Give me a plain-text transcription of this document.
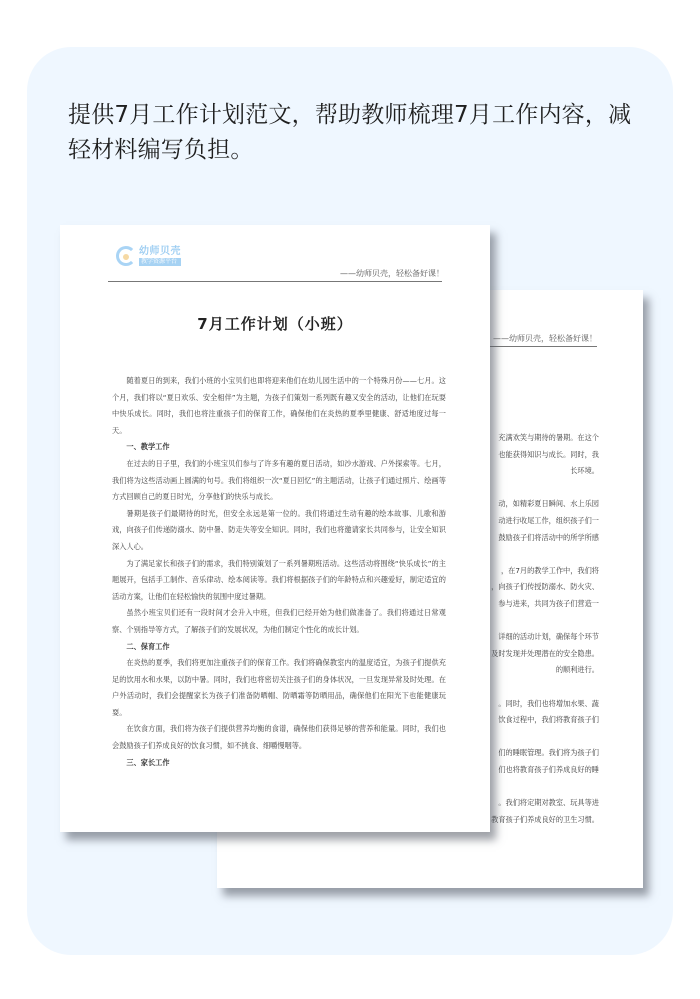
提供7月工作计划范文，帮助教师梳理7月工作内容，减轻材料编写负担。
——幼师贝壳，轻松备好课！

充满欢笑与期待的暑期。在这个

也能获得知识与成长。同时，我

长环境。

动，如精彩夏日瞬间、水上乐园

动进行收尾工作，组织孩子们一

鼓励孩子们将活动中的所学所感

，在7月的教学工作中，我们将

，向孩子们传授防溺水、防火灾、

参与进来，共同为孩子们营造一

详细的活动计划，确保每个环节

及时发现并处理潜在的安全隐患。

的顺利进行。

。同时，我们也将增加水果、蔬

饮食过程中，我们将教育孩子们

们的睡眠管理。我们将为孩子们

们也将教育孩子们养成良好的睡

。我们将定期对教室、玩具等进

教育孩子们养成良好的卫生习惯。

幼师贝壳
教学资源平台
——幼师贝壳，轻松备好课！
7月工作计划（小班）

随着夏日的到来，我们小班的小宝贝们也即将迎来他们在幼儿园生活中的一个特殊月份——七月。这个月，我们将以“夏日欢乐、安全相伴”为主题，为孩子们策划一系列既有趣又安全的活动，让他们在玩耍中快乐成长。同时，我们也将注重孩子们的保育工作，确保他们在炎热的夏季里健康、舒适地度过每一天。

一、教学工作

在过去的日子里，我们的小班宝贝们参与了许多有趣的夏日活动，如沙水游戏、户外探索等。七月，我们将为这些活动画上圆满的句号。我们将组织一次“夏日回忆”的主题活动，让孩子们通过照片、绘画等方式回顾自己的夏日时光，分享他们的快乐与成长。

暑期是孩子们最期待的时光，但安全永远是第一位的。我们将通过生动有趣的绘本故事、儿歌和游戏，向孩子们传递防溺水、防中暑、防走失等安全知识。同时，我们也将邀请家长共同参与，让安全知识深入人心。

为了满足家长和孩子们的需求，我们特别策划了一系列暑期班活动。这些活动将围绕“快乐成长”的主题展开，包括手工制作、音乐律动、绘本阅读等。我们将根据孩子们的年龄特点和兴趣爱好，制定适宜的活动方案，让他们在轻松愉快的氛围中度过暑期。

虽然小班宝贝们还有一段时间才会升入中班，但我们已经开始为他们做准备了。我们将通过日常观察、个别指导等方式，了解孩子们的发展状况，为他们制定个性化的成长计划。

二、保育工作

在炎热的夏季，我们将更加注重孩子们的保育工作。我们将确保教室内的温度适宜，为孩子们提供充足的饮用水和水果，以防中暑。同时，我们也将密切关注孩子们的身体状况，一旦发现异常及时处理。在户外活动时，我们会提醒家长为孩子们准备防晒帽、防晒霜等防晒用品，确保他们在阳光下也能健康玩耍。

在饮食方面，我们将为孩子们提供营养均衡的食谱，确保他们获得足够的营养和能量。同时，我们也会鼓励孩子们养成良好的饮食习惯，如不挑食、细嚼慢咽等。

三、家长工作
